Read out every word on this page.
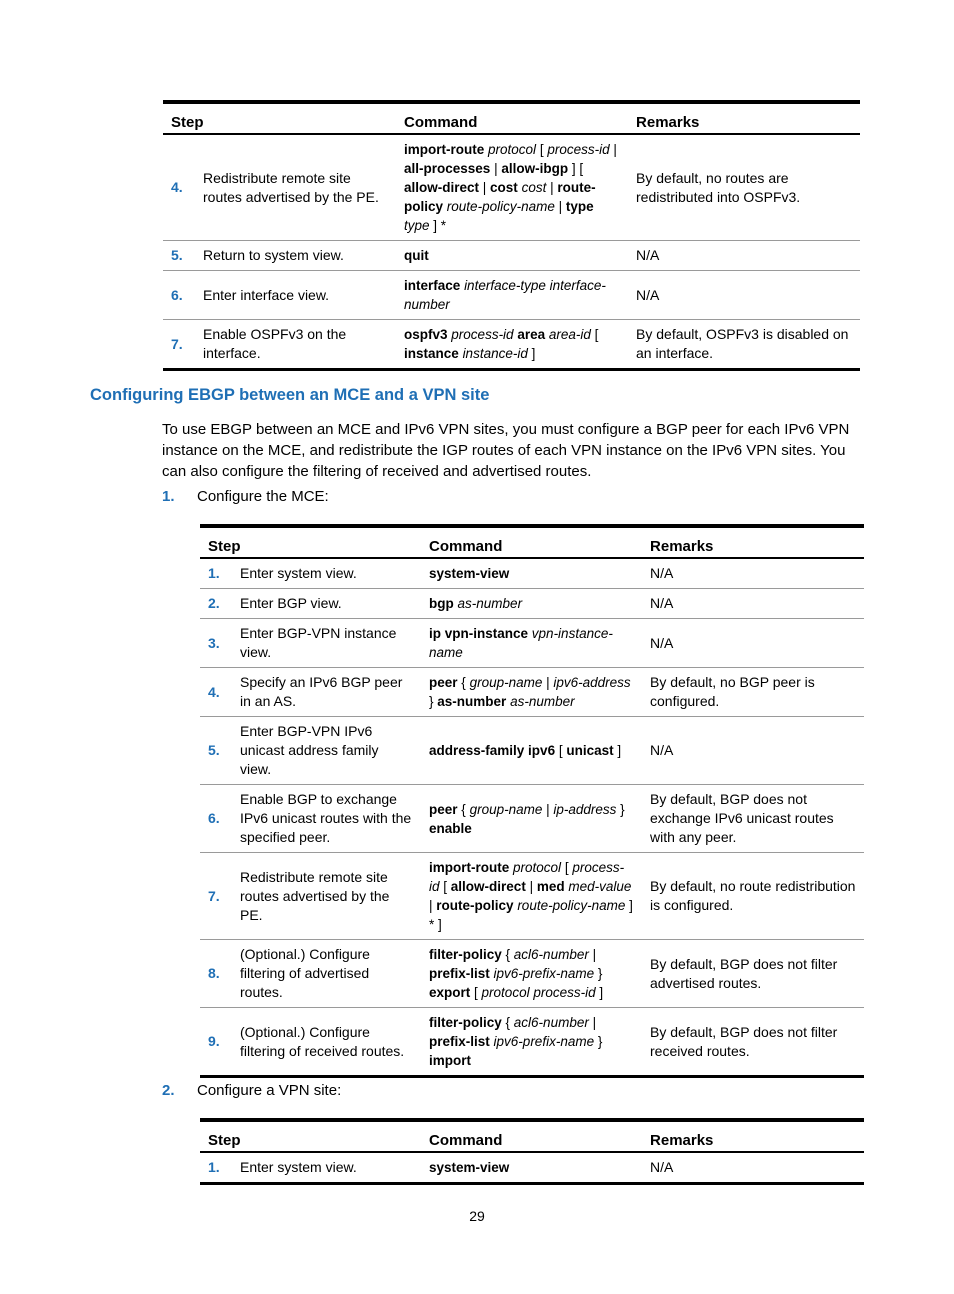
Step		Command	Remarks
4.	Redistribute remote site routes advertised by the PE.	import-route protocol [ process-id | all-processes | allow-ibgp ] [ allow-direct | cost cost | route-policy route-policy-name | type type ] *	By default, no routes are redistributed into OSPFv3.
5.	Return to system view.	quit	N/A
6.	Enter interface view.	interface interface-type interface-number	N/A
7.	Enable OSPFv3 on the interface.	ospfv3 process-id area area-id [ instance instance-id ]	By default, OSPFv3 is disabled on an interface.
Configuring EBGP between an MCE and a VPN site
To use EBGP between an MCE and IPv6 VPN sites, you must configure a BGP peer for each IPv6 VPN instance on the MCE, and redistribute the IGP routes of each VPN instance on the IPv6 VPN sites. You can also configure the filtering of received and advertised routes.
1. Configure the MCE:
Step		Command	Remarks
1.	Enter system view.	system-view	N/A
2.	Enter BGP view.	bgp as-number	N/A
3.	Enter BGP-VPN instance view.	ip vpn-instance vpn-instance-name	N/A
4.	Specify an IPv6 BGP peer in an AS.	peer { group-name | ipv6-address } as-number as-number	By default, no BGP peer is configured.
5.	Enter BGP-VPN IPv6 unicast address family view.	address-family ipv6 [ unicast ]	N/A
6.	Enable BGP to exchange IPv6 unicast routes with the specified peer.	peer { group-name | ip-address } enable	By default, BGP does not exchange IPv6 unicast routes with any peer.
7.	Redistribute remote site routes advertised by the PE.	import-route protocol [ process-id [ allow-direct | med med-value | route-policy route-policy-name ] * ]	By default, no route redistribution is configured.
8.	(Optional.) Configure filtering of advertised routes.	filter-policy { acl6-number | prefix-list ipv6-prefix-name } export [ protocol process-id ]	By default, BGP does not filter advertised routes.
9.	(Optional.) Configure filtering of received routes.	filter-policy { acl6-number | prefix-list ipv6-prefix-name } import	By default, BGP does not filter received routes.
2. Configure a VPN site:
Step		Command	Remarks
1.	Enter system view.	system-view	N/A
29
